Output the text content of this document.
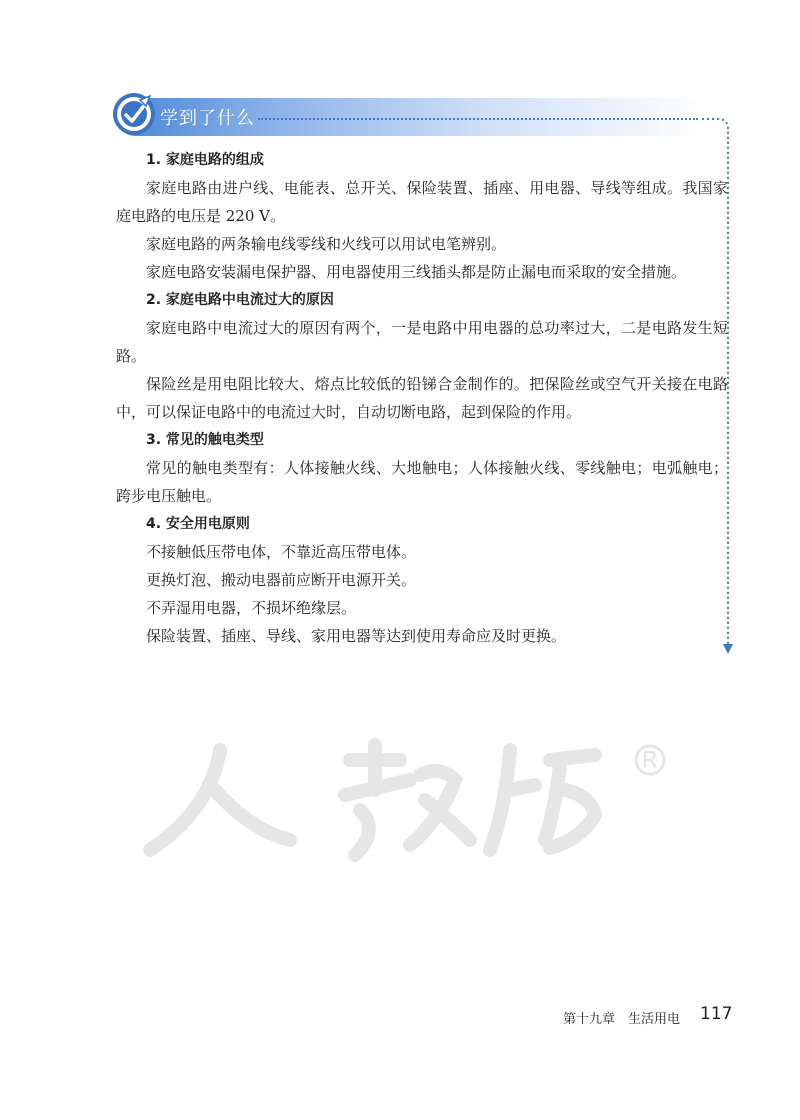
学到了什么

1. 家庭电路的组成

家庭电路由进户线、电能表、总开关、保险装置、插座、用电器、导线等组成。我国家庭电路的电压是 220 V。

家庭电路的两条输电线零线和火线可以用试电笔辨别。

家庭电路安装漏电保护器、用电器使用三线插头都是防止漏电而采取的安全措施。

2. 家庭电路中电流过大的原因

家庭电路中电流过大的原因有两个，一是电路中用电器的总功率过大，二是电路发生短路。

保险丝是用电阻比较大、熔点比较低的铅锑合金制作的。把保险丝或空气开关接在电路中，可以保证电路中的电流过大时，自动切断电路，起到保险的作用。

3. 常见的触电类型

常见的触电类型有：人体接触火线、大地触电；人体接触火线、零线触电；电弧触电；跨步电压触电。

4. 安全用电原则

不接触低压带电体，不靠近高压带电体。

更换灯泡、搬动电器前应断开电源开关。

不弄湿用电器，不损坏绝缘层。

保险装置、插座、导线、家用电器等达到使用寿命应及时更换。

第十九章　生活用电 117
